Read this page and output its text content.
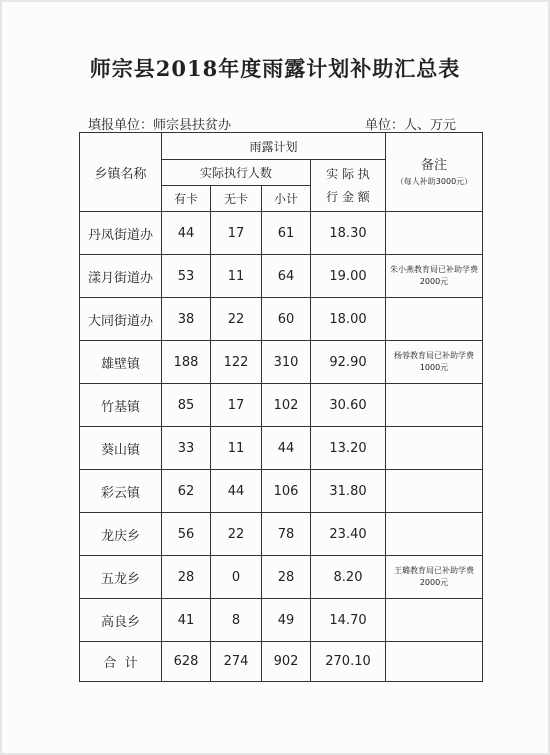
师宗县2018年度雨露计划补助汇总表
填报单位：师宗县扶贫办	单位：人、万元
乡镇名称	雨露计划				备注

（每人补助3000元）

	实际执行人数			实 际 执
行 金 额	
	有卡	无卡	小计		
丹凤街道办	44	17	61	18.30	
漾月街道办	53	11	64	19.00	朱小燕教育局已补助学费2000元
大同街道办	38	22	60	18.00	
雄壁镇	188	122	310	92.90	杨蓉教育局已补助学费1000元
竹基镇	85	17	102	30.60	
葵山镇	33	11	44	13.20	
彩云镇	62	44	106	31.80	
龙庆乡	56	22	78	23.40	
五龙乡	28	0	28	8.20	王璐教育局已补助学费2000元
高良乡	41	8	49	14.70	
合  计	628	274	902	270.10	
